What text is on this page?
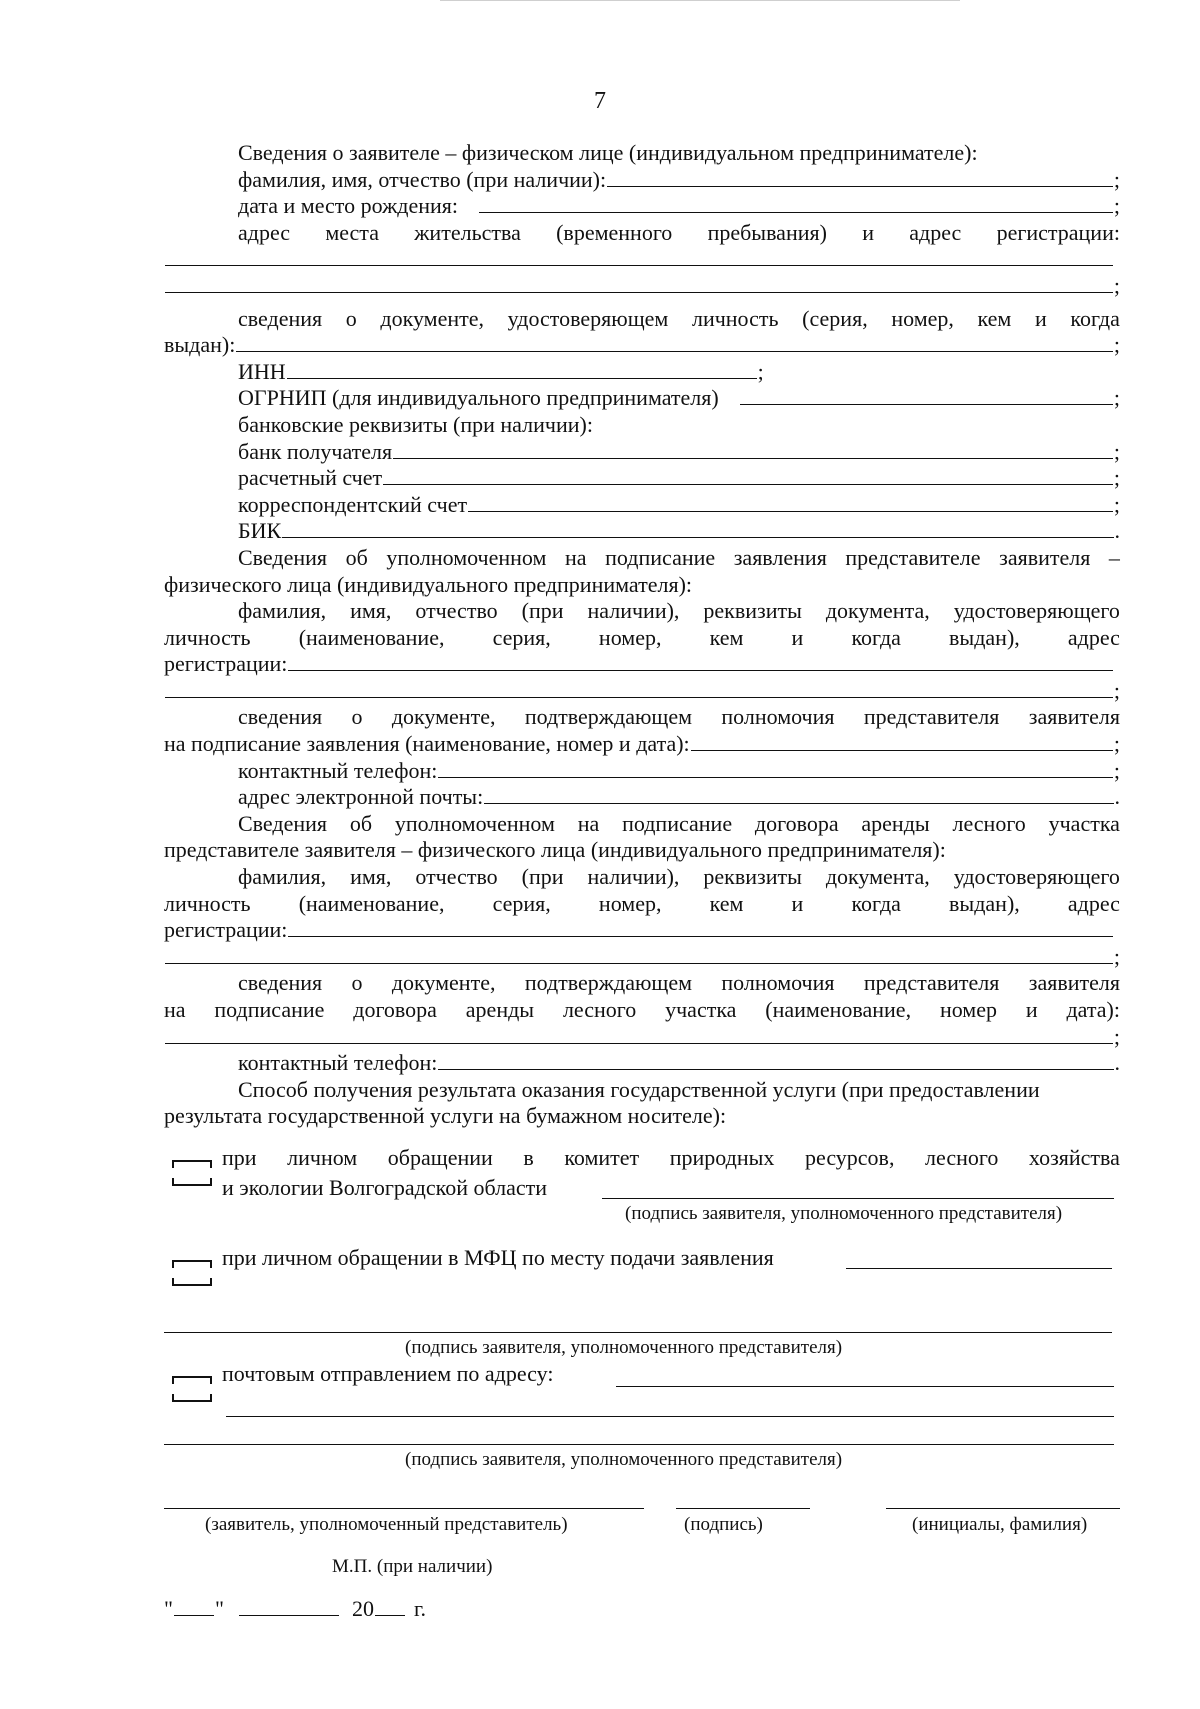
7
Сведения о заявителе – физическом лице (индивидуальном предпринимателе):
фамилия, имя, отчество (при наличии):	;
дата и место рождения:	;
адрес места жительства (временного пребывания) и адрес регистрации:
;
сведения о документе, удостоверяющем личность (серия, номер, кем и когда
выдан):	;
ИНН	;
ОГРНИП (для индивидуального предпринимателя)	;
банковские реквизиты (при наличии):
банк получателя	;
расчетный счет	;
корреспондентский счет	;
БИК	.
Сведения об уполномоченном на подписание заявления представителе заявителя –
физического лица (индивидуального предпринимателя):
фамилия, имя, отчество (при наличии), реквизиты документа, удостоверяющего
личность (наименование, серия, номер, кем и когда выдан), адрес
регистрации:
;
сведения о документе, подтверждающем полномочия представителя заявителя
на подписание заявления (наименование, номер и дата):	;
контактный телефон:	;
адрес электронной почты:	.
Сведения об уполномоченном на подписание договора аренды лесного участка
представителе заявителя – физического лица (индивидуального предпринимателя):
фамилия, имя, отчество (при наличии), реквизиты документа, удостоверяющего
личность (наименование, серия, номер, кем и когда выдан), адрес
регистрации:
;
сведения о документе, подтверждающем полномочия представителя заявителя
на подписание договора аренды лесного участка (наименование, номер и дата):
;
контактный телефон:	.
Способ получения результата оказания государственной услуги (при предоставлении
результата государственной услуги на бумажном носителе):
при личном обращении в комитет природных ресурсов, лесного хозяйства
и экологии Волгоградской области
(подпись заявителя, уполномоченного представителя)
при личном обращении в МФЦ по месту подачи заявления
(подпись заявителя, уполномоченного представителя)
почтовым отправлением по адресу:
(подпись заявителя, уполномоченного представителя)
(заявитель, уполномоченный представитель)	(подпись)	(инициалы, фамилия)
М.П. (при наличии)
" "	20 г.
